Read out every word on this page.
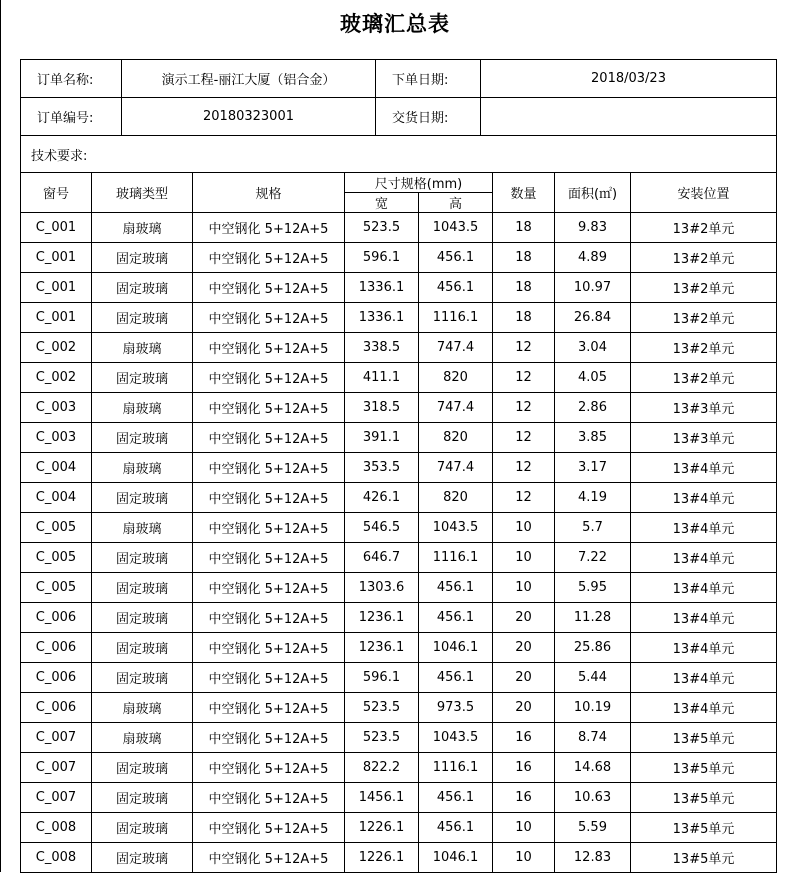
玻璃汇总表
订单名称:	演示工程-丽江大厦（铝合金）	下单日期:	2018/03/23
订单编号:	20180323001	交货日期:	
技术要求:			
窗号	玻璃类型	规格	尺寸规格(mm)		数量	面积(㎡)	安装位置
			宽	高			
C_001	扇玻璃	中空钢化 5+12A+5	523.5	1043.5	18	9.83	13#2单元
C_001	固定玻璃	中空钢化 5+12A+5	596.1	456.1	18	4.89	13#2单元
C_001	固定玻璃	中空钢化 5+12A+5	1336.1	456.1	18	10.97	13#2单元
C_001	固定玻璃	中空钢化 5+12A+5	1336.1	1116.1	18	26.84	13#2单元
C_002	扇玻璃	中空钢化 5+12A+5	338.5	747.4	12	3.04	13#2单元
C_002	固定玻璃	中空钢化 5+12A+5	411.1	820	12	4.05	13#2单元
C_003	扇玻璃	中空钢化 5+12A+5	318.5	747.4	12	2.86	13#3单元
C_003	固定玻璃	中空钢化 5+12A+5	391.1	820	12	3.85	13#3单元
C_004	扇玻璃	中空钢化 5+12A+5	353.5	747.4	12	3.17	13#4单元
C_004	固定玻璃	中空钢化 5+12A+5	426.1	820	12	4.19	13#4单元
C_005	扇玻璃	中空钢化 5+12A+5	546.5	1043.5	10	5.7	13#4单元
C_005	固定玻璃	中空钢化 5+12A+5	646.7	1116.1	10	7.22	13#4单元
C_005	固定玻璃	中空钢化 5+12A+5	1303.6	456.1	10	5.95	13#4单元
C_006	固定玻璃	中空钢化 5+12A+5	1236.1	456.1	20	11.28	13#4单元
C_006	固定玻璃	中空钢化 5+12A+5	1236.1	1046.1	20	25.86	13#4单元
C_006	固定玻璃	中空钢化 5+12A+5	596.1	456.1	20	5.44	13#4单元
C_006	扇玻璃	中空钢化 5+12A+5	523.5	973.5	20	10.19	13#4单元
C_007	扇玻璃	中空钢化 5+12A+5	523.5	1043.5	16	8.74	13#5单元
C_007	固定玻璃	中空钢化 5+12A+5	822.2	1116.1	16	14.68	13#5单元
C_007	固定玻璃	中空钢化 5+12A+5	1456.1	456.1	16	10.63	13#5单元
C_008	固定玻璃	中空钢化 5+12A+5	1226.1	456.1	10	5.59	13#5单元
C_008	固定玻璃	中空钢化 5+12A+5	1226.1	1046.1	10	12.83	13#5单元
